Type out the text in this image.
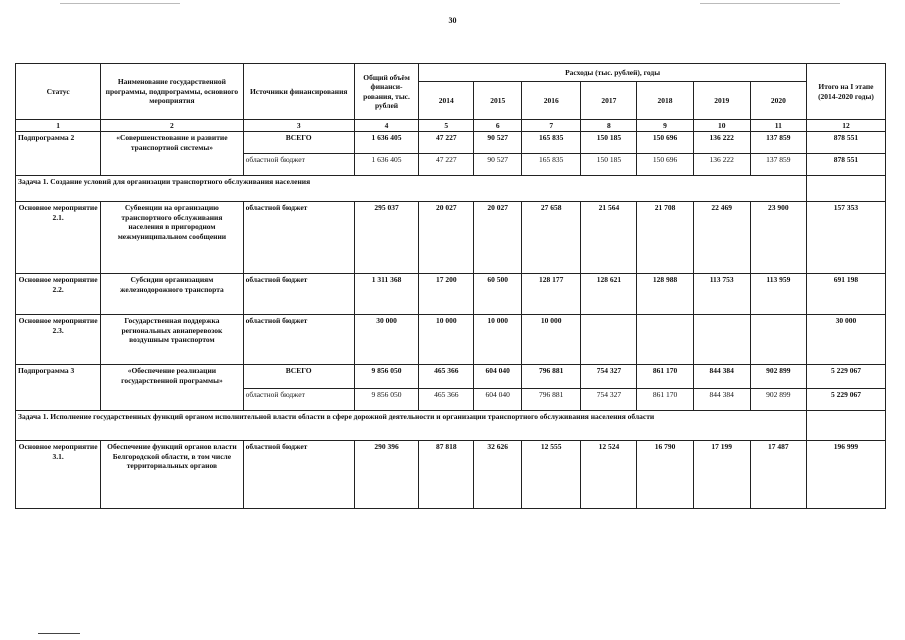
30
Статус	Наименование государственной программы, подпрограммы, основного мероприятия	Источники финансирования	Общий объём финанси-рования, тыс. рублей	Расходы (тыс. рублей), годы							Итого на I этапе (2014-2020 годы)
				2014	2015	2016	2017	2018	2019	2020	
1	2	3	4	5	6	7	8	9	10	11	12
Подпрограмма 2	«Совершенствование и развитие транспортной системы»	ВСЕГО	1 636 405	47 227	90 527	165 835	150 185	150 696	136 222	137 859	878 551
		областной бюджет	1 636 405	47 227	90 527	165 835	150 185	150 696	136 222	137 859	878 551
Задача 1. Создание условий для организации транспортного обслуживания населения											
Основное мероприятие 2.1.	Субвенции на организацию транспортного обслуживания населения в пригородном межмуниципальном сообщении	областной бюджет	295 037	20 027	20 027	27 658	21 564	21 708	22 469	23 900	157 353
Основное мероприятие 2.2.	Субсидии организациям железнодорожного транспорта	областной бюджет	1 311 368	17 200	60 500	128 177	128 621	128 988	113 753	113 959	691 198
Основное мероприятие 2.3.	Государственная поддержка региональных авиаперевозок воздушным транспортом	областной бюджет	30 000	10 000	10 000	10 000					30 000
Подпрограмма 3	«Обеспечение реализации государственной программы»	ВСЕГО	9 856 050	465 366	604 040	796 881	754 327	861 170	844 384	902 899	5 229 067
		областной бюджет	9 856 050	465 366	604 040	796 881	754 327	861 170	844 384	902 899	5 229 067
Задача 1. Исполнение государственных функций органом исполнительной власти области в сфере дорожной деятельности и организации транспортного обслуживания населения области											
Основное мероприятие 3.1.	Обеспечение функций органов власти Белгородской области, в том числе территориальных органов	областной бюджет	290 396	87 818	32 626	12 555	12 524	16 790	17 199	17 487	196 999
